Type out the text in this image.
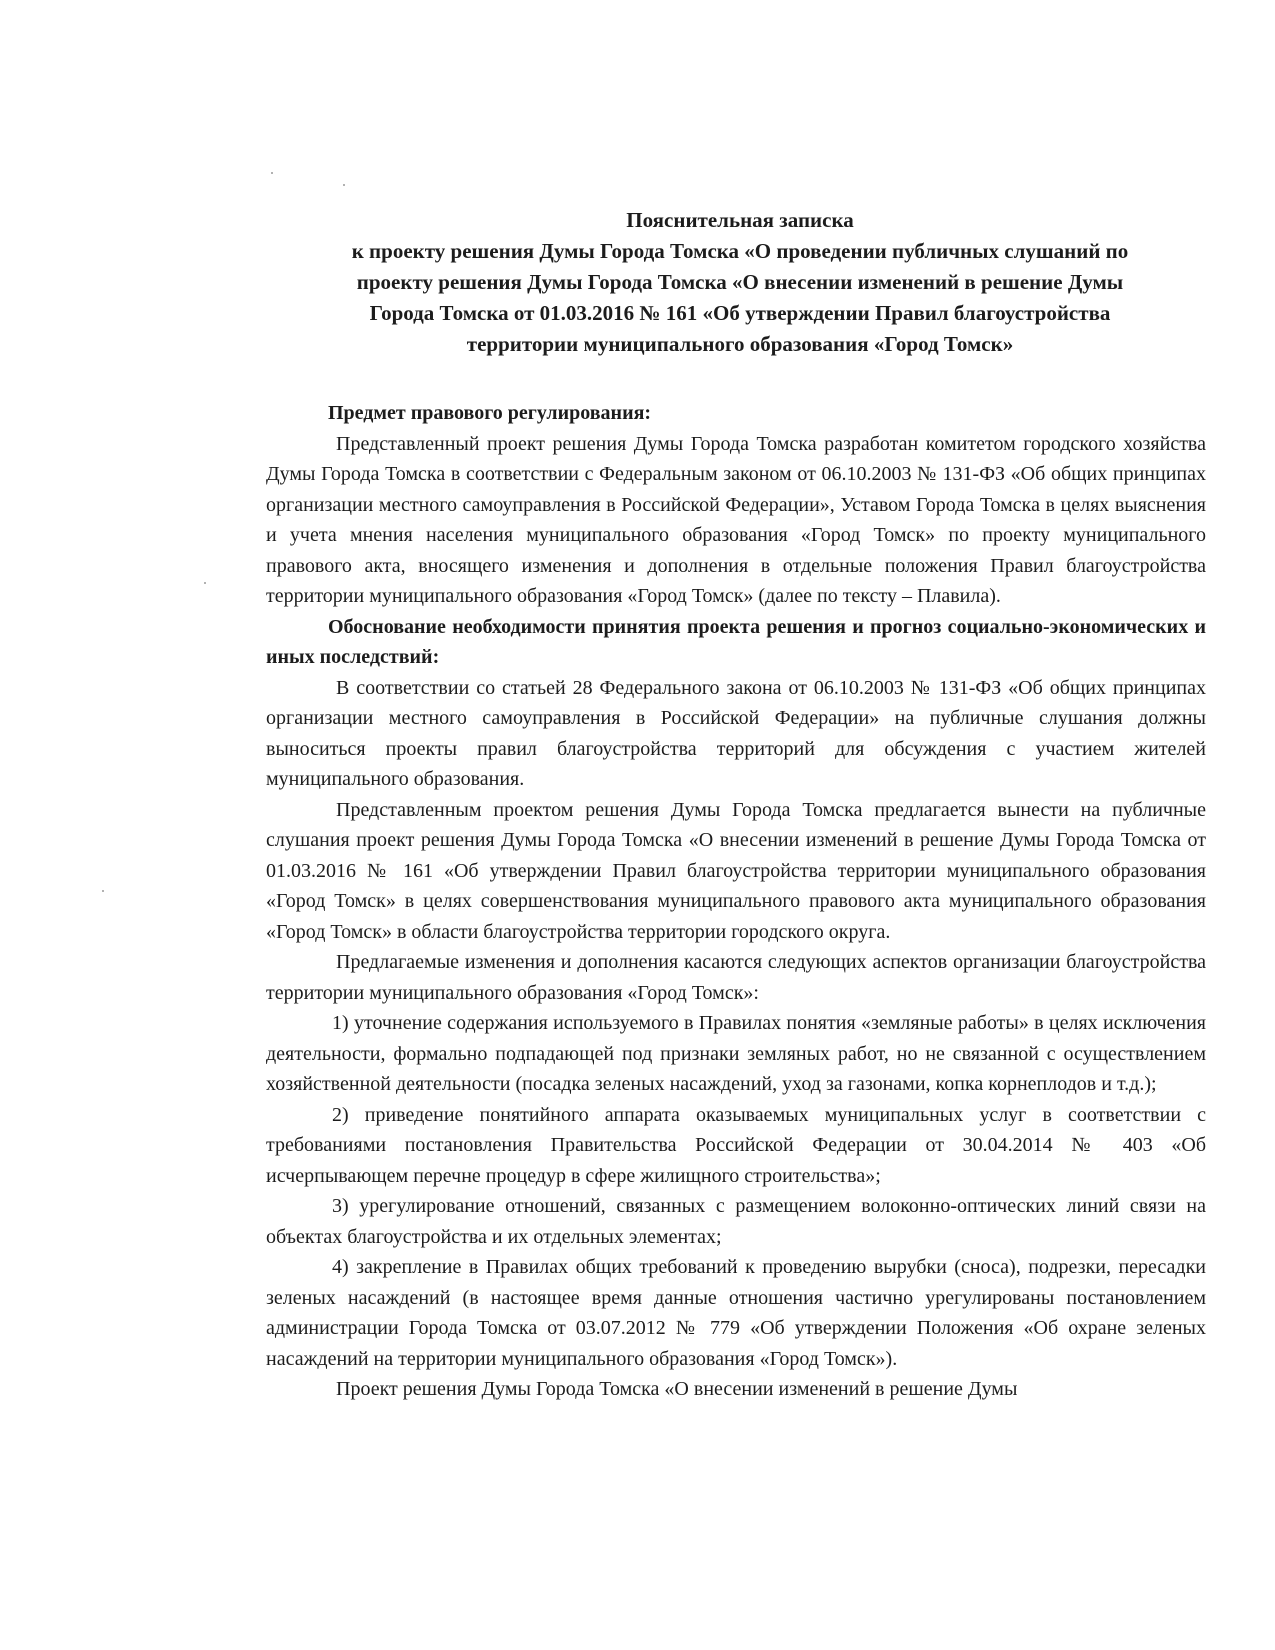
Пояснительная записка
к проекту решения Думы Города Томска «О проведении публичных слушаний по
проекту решения Думы Города Томска «О внесении изменений в решение Думы
Города Томска от 01.03.2016 № 161 «Об утверждении Правил благоустройства
территории муниципального образования «Город Томск»

Предмет правового регулирования:

Представленный проект решения Думы Города Томска разработан комитетом городского хозяйства Думы Города Томска в соответствии с Федеральным законом от 06.10.2003 № 131-ФЗ «Об общих принципах организации местного самоуправления в Российской Федерации», Уставом Города Томска в целях выяснения и учета мнения населения муниципального образования «Город Томск» по проекту муниципального правового акта, вносящего изменения и дополнения в отдельные положения Правил благоустройства территории муниципального образования «Город Томск» (далее по тексту – Плавила).

Обоснование необходимости принятия проекта решения и прогноз социально-экономических и иных последствий:

В соответствии со статьей 28 Федерального закона от 06.10.2003 № 131-ФЗ «Об общих принципах организации местного самоуправления в Российской Федерации» на публичные слушания должны выноситься проекты правил благоустройства территорий для обсуждения с участием жителей муниципального образования.

Представленным проектом решения Думы Города Томска предлагается вынести на публичные слушания проект решения Думы Города Томска «О внесении изменений в решение Думы Города Томска от 01.03.2016 № 161 «Об утверждении Правил благоустройства территории муниципального образования «Город Томск» в целях совершенствования муниципального правового акта муниципального образования «Город Томск» в области благоустройства территории городского округа.

Предлагаемые изменения и дополнения касаются следующих аспектов организации благоустройства территории муниципального образования «Город Томск»:

1) уточнение содержания используемого в Правилах понятия «земляные работы» в целях исключения деятельности, формально подпадающей под признаки земляных работ, но не связанной с осуществлением хозяйственной деятельности (посадка зеленых насаждений, уход за газонами, копка корнеплодов и т.д.);

2) приведение понятийного аппарата оказываемых муниципальных услуг в соответствии с требованиями постановления Правительства Российской Федерации от 30.04.2014 № 403 «Об исчерпывающем перечне процедур в сфере жилищного строительства»;

3) урегулирование отношений, связанных с размещением волоконно-оптических линий связи на объектах благоустройства и их отдельных элементах;

4) закрепление в Правилах общих требований к проведению вырубки (сноса), подрезки, пересадки зеленых насаждений (в настоящее время данные отношения частично урегулированы постановлением администрации Города Томска от 03.07.2012 № 779 «Об утверждении Положения «Об охране зеленых насаждений на территории муниципального образования «Город Томск»).

Проект решения Думы Города Томска «О внесении изменений в решение Думы
